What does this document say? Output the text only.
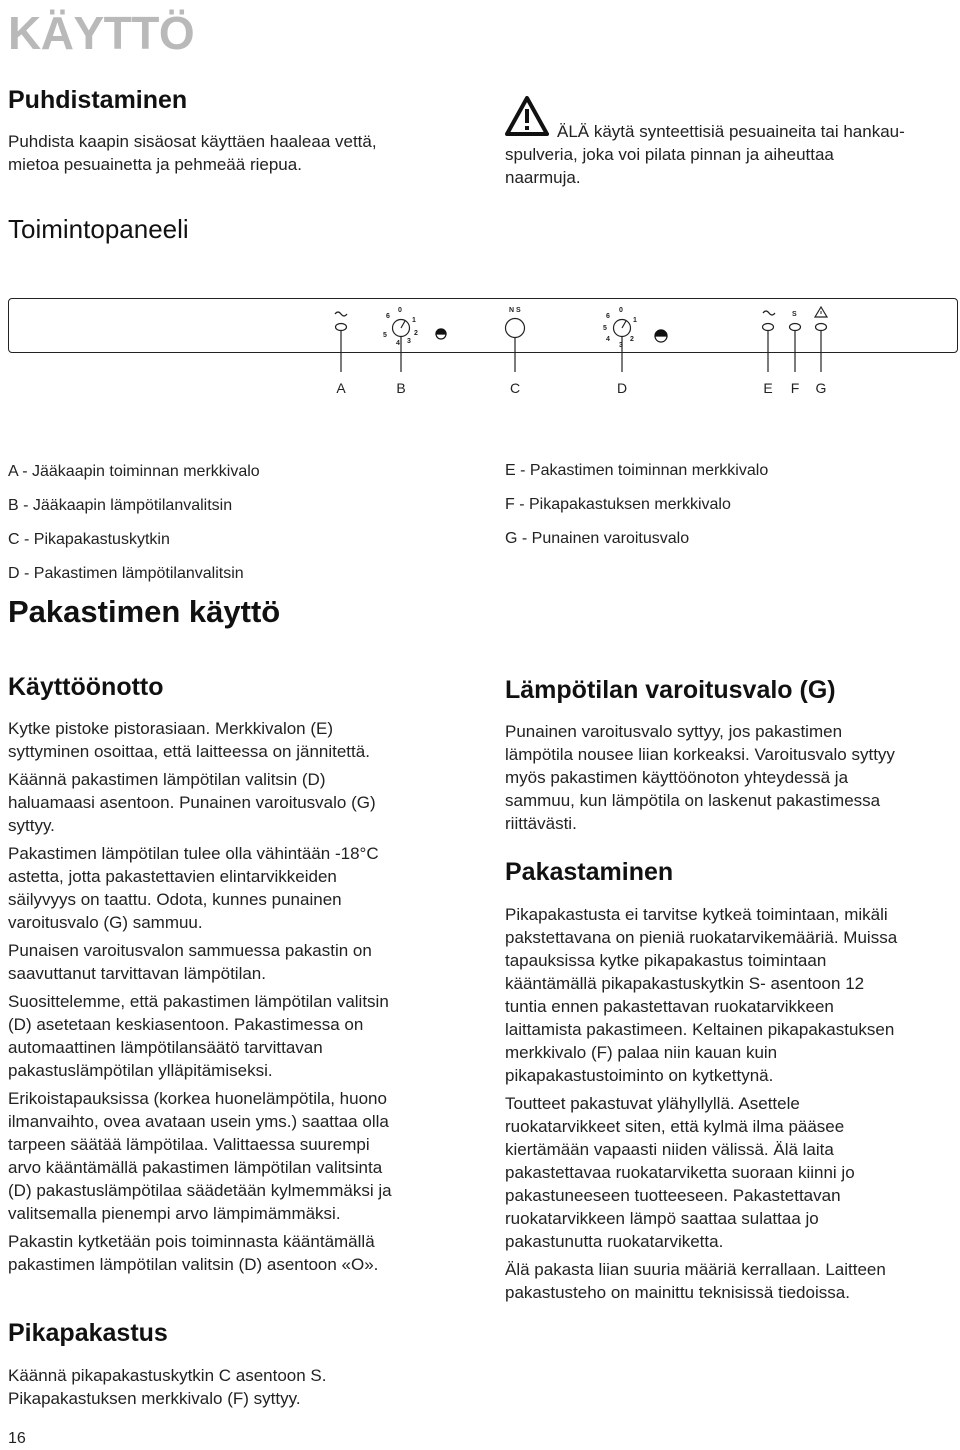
KÄYTTÖ
Puhdistaminen
Puhdista kaapin sisäosat käyttäen haaleaa vettä,
mietoa pesuainetta ja pehmeää riepua.
ÄLÄ käytä synteettisiä pesuaineita tai hankau-
spulveria, joka voi pilata pinnan ja aiheuttaa
naarmuja.
Toimintopaneeli
0
6
1
5	2
4 3
N S	0
6
1
5
4	2
3
S
A	B	C	D	E F G
A - Jääkaapin toiminnan merkkivalo
B - Jääkaapin lämpötilanvalitsin
C - Pikapakastuskytkin
D - Pakastimen lämpötilanvalitsin
E - Pakastimen toiminnan merkkivalo
F - Pikapakastuksen merkkivalo
G - Punainen varoitusvalo
Pakastimen käyttö
Käyttöönotto

Kytke pistoke pistorasiaan. Merkkivalon (E)
syttyminen osoittaa, että laitteessa on jännitettä.

Käännä pakastimen lämpötilan valitsin (D)
haluamaasi asentoon. Punainen varoitusvalo (G)
syttyy.

Pakastimen lämpötilan tulee olla vähintään -18°C
astetta, jotta pakastettavien elintarvikkeiden
säilyvyys on taattu. Odota, kunnes punainen
varoitusvalo (G) sammuu.

Punaisen varoitusvalon sammuessa pakastin on
saavuttanut tarvittavan lämpötilan.

Suosittelemme, että pakastimen lämpötilan valitsin
(D) asetetaan keskiasentoon. Pakastimessa on
automaattinen lämpötilansäätö tarvittavan
pakastuslämpötilan ylläpitämiseksi.

Erikoistapauksissa (korkea huonelämpötila, huono
ilmanvaihto, ovea avataan usein yms.) saattaa olla
tarpeen säätää lämpötilaa. Valittaessa suurempi
arvo kääntämällä pakastimen lämpötilan valitsinta
(D) pakastuslämpötilaa säädetään kylmemmäksi ja
valitsemalla pienempi arvo lämpimämmäksi.

Pakastin kytketään pois toiminnasta kääntämällä
pakastimen lämpötilan valitsin (D) asentoon «O».

Pikapakastus
Käännä pikapakastuskytkin C asentoon S.
Pikapakastuksen merkkivalo (F) syttyy.
Lämpötilan varoitusvalo (G)
Punainen varoitusvalo syttyy, jos pakastimen
lämpötila nousee liian korkeaksi. Varoitusvalo syttyy
myös pakastimen käyttöönoton yhteydessä ja
sammuu, kun lämpötila on laskenut pakastimessa
riittävästi.
Pakastaminen

Pikapakastusta ei tarvitse kytkeä toimintaan, mikäli
pakstettavana on pieniä ruokatarvikemääriä. Muissa
tapauksissa kytke pikapakastus toimintaan
kääntämällä pikapakastuskytkin S- asentoon 12
tuntia ennen pakastettavan ruokatarvikkeen
laittamista pakastimeen. Keltainen pikapakastuksen
merkkivalo (F) palaa niin kauan kuin
pikapakastustoiminto on kytkettynä.

Toutteet pakastuvat ylähyllyllä. Asettele
ruokatarvikkeet siten, että kylmä ilma pääsee
kiertämään vapaasti niiden välissä. Älä laita
pakastettavaa ruokatarviketta suoraan kiinni jo
pakastuneeseen tuotteeseen. Pakastettavan
ruokatarvikkeen lämpö saattaa sulattaa jo
pakastunutta ruokatarviketta.

Älä pakasta liian suuria määriä kerrallaan. Laitteen
pakastusteho on mainittu teknisissä tiedoissa.

16
